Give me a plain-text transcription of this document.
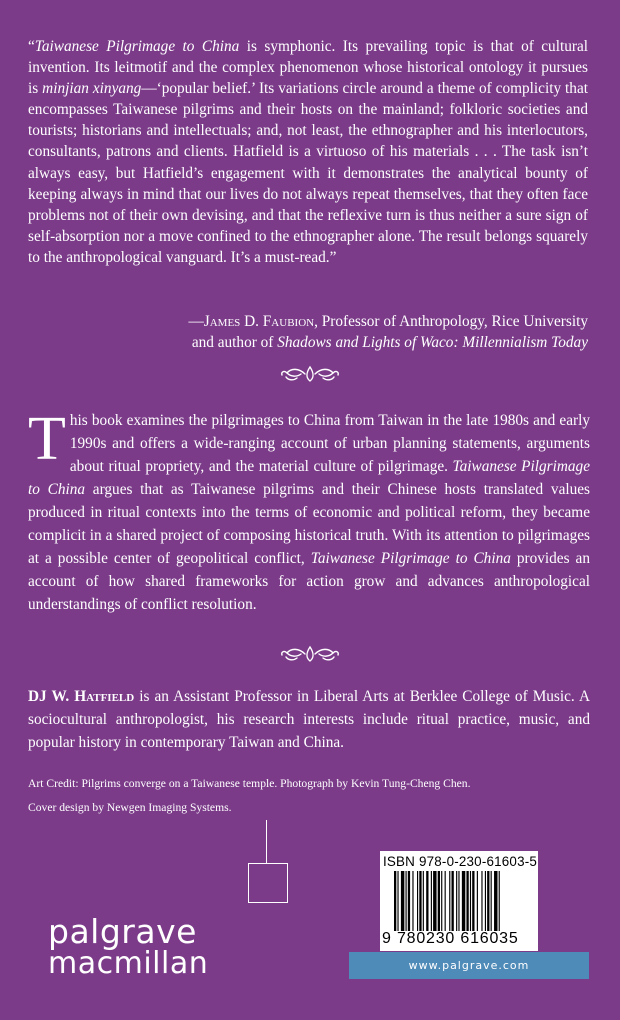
“Taiwanese Pilgrimage to China is symphonic. Its prevailing topic is that of cultural invention. Its leitmotif and the complex phenomenon whose historical ontology it pursues is minjian xinyang—‘popular belief.’ Its variations circle around a theme of complicity that encompasses Taiwanese pilgrims and their hosts on the mainland; folkloric societies and tourists; historians and intellectuals; and, not least, the ethnographer and his interlocutors, consultants, patrons and clients. Hatfield is a virtuoso of his materials . . . The task isn’t always easy, but Hatfield’s engagement with it demonstrates the analytical bounty of keeping always in mind that our lives do not always repeat themselves, that they often face problems not of their own devising, and that the reflexive turn is thus neither a sure sign of self-absorption nor a move confined to the ethnographer alone. The result belongs squarely to the anthropological vanguard. It’s a must-read.”

—James D. Faubion, Professor of Anthropology, Rice University
and author of Shadows and Lights of Waco: Millennialism Today

This book examines the pilgrimages to China from Taiwan in the late 1980s and early 1990s and offers a wide-ranging account of urban planning statements, arguments about ritual propriety, and the material culture of pilgrimage. Taiwanese Pilgrimage to China argues that as Taiwanese pilgrims and their Chinese hosts translated values produced in ritual contexts into the terms of economic and political reform, they became complicit in a shared project of composing historical truth. With its attention to pilgrimages at a possible center of geopolitical conflict, Taiwanese Pilgrimage to China provides an account of how shared frameworks for action grow and advances anthropological understandings of conflict resolution.

DJ W. Hatfield is an Assistant Professor in Liberal Arts at Berklee College of Music. A sociocultural anthropologist, his research interests include ritual practice, music, and popular history in contemporary Taiwan and China.

Art Credit: Pilgrims converge on a Taiwanese temple. Photograph by Kevin Tung-Cheng Chen.
Cover design by Newgen Imaging Systems.
palgrave
macmillan
ISBN 978-0-230-61603-5
9 780230 616035
www.palgrave.com
